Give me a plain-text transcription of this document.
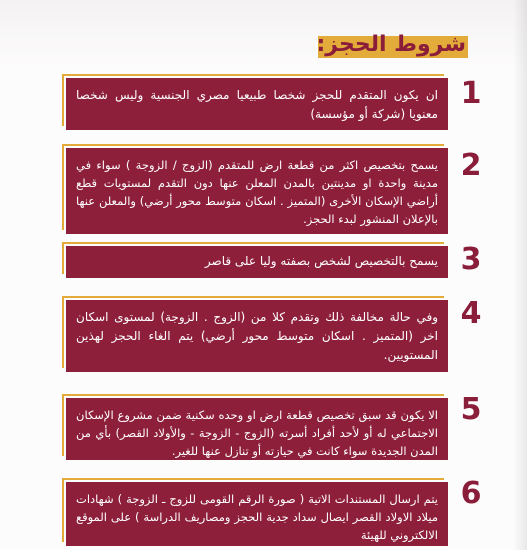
شروط الحجز:
1

ان يكون المتقدم للحجز شخصا طبيعيا مصري الجنسية وليس شخصا معنويا (شركة أو مؤسسة)

2

يسمح بتخصيص اكثر من قطعة ارض للمتقدم (الزوج / الزوجة ) سواء في مدينة واحدة او مدينتين بالمدن المعلن عنها دون التقدم لمستويات قطع أراضي الإسكان الأخرى (المتميز . اسكان متوسط محور أرضي) والمعلن عنها بالإعلان المنشور لبدء الحجز.

3

يسمح بالتخصيص لشخص بصفته وليا على قاصر

4

وفي حالة مخالفة ذلك وتقدم كلا من (الزوج . الزوجة) لمستوى اسكان اخر (المتميز . اسكان متوسط محور أرضي) يتم الغاء الحجز لهذين المستويين.

5

الا يكون قد سبق تخصيص قطعة ارض او وحده سكنية ضمن مشروع الإسكان الاجتماعي له أو لأحد أفراد أسرته (الزوج - الزوجة - والأولاد القصر) بأي من المدن الجديدة سواء كانت في حيازته أو تنازل عنها للغير.

6

يتم ارسال المستندات الاتية ( صورة الرقم القومى للزوج ـ الزوجة ) شهادات ميلاد الاولاد القصر ايصال سداد جدية الحجز ومصاريف الدراسة ) على الموقع الالكتروني للهيئة
